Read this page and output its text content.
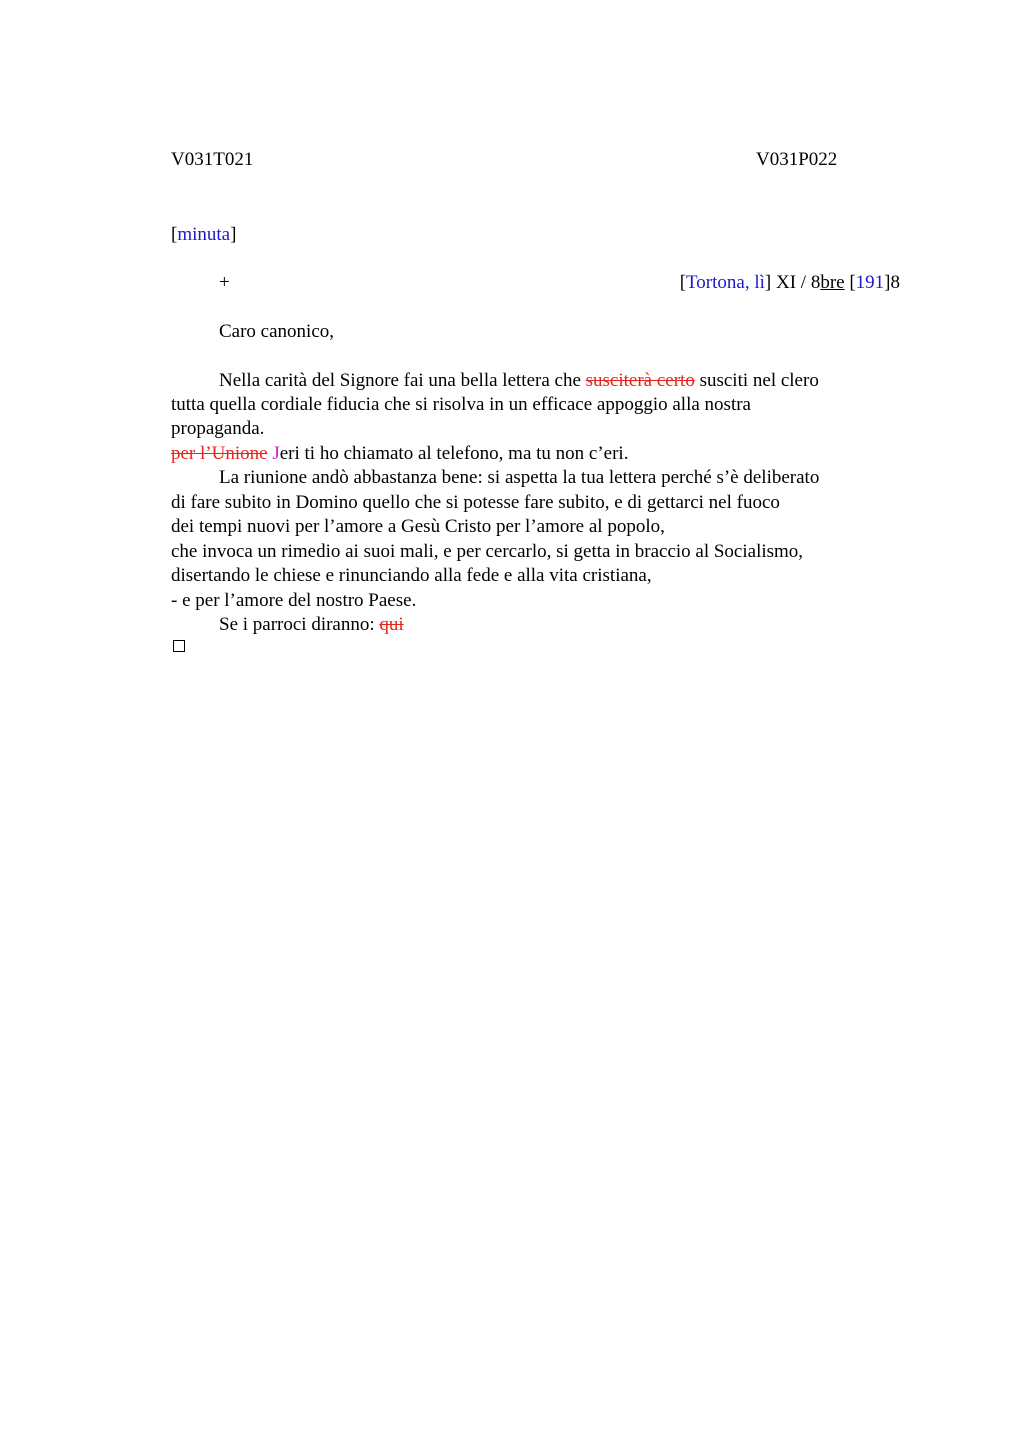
V031T021	V031P022
[minuta]
+	[Tortona, lì] XI / 8bre [191]8
Caro canonico,
Nella carità del Signore fai una bella lettera che susciterà certo susciti nel clero
tutta quella cordiale fiducia che si risolva in un efficace appoggio alla nostra
propaganda.
per l’Unione Jeri ti ho chiamato al telefono, ma tu non c’eri.
La riunione andò abbastanza bene: si aspetta la tua lettera perché s’è deliberato
di fare subito in Domino quello che si potesse fare subito, e di gettarci nel fuoco
dei tempi nuovi per l’amore a Gesù Cristo per l’amore al popolo,
che invoca un rimedio ai suoi mali, e per cercarlo, si getta in braccio al Socialismo,
disertando le chiese e rinunciando alla fede e alla vita cristiana,
- e per l’amore del nostro Paese.
Se i parroci diranno: qui
